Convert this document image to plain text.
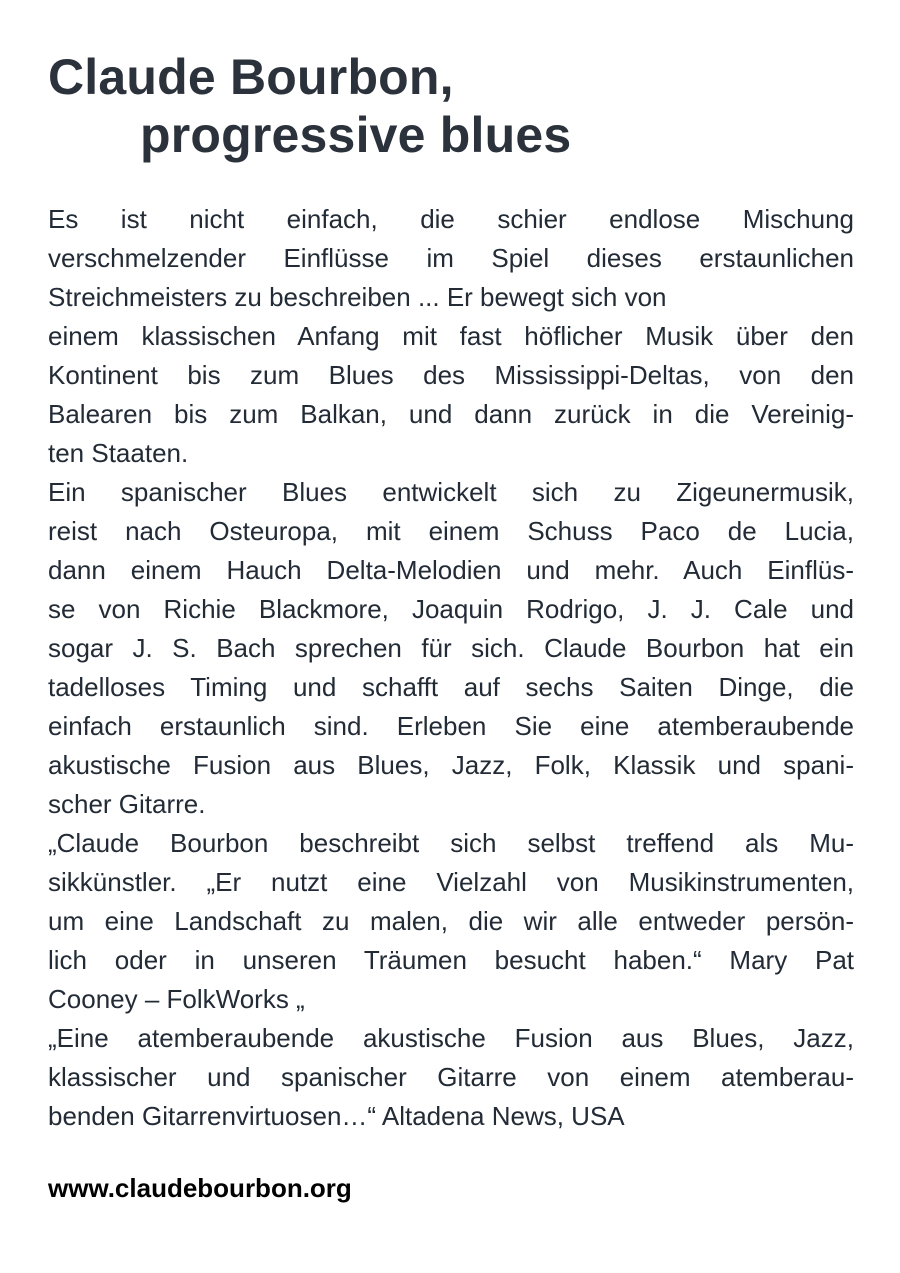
Claude Bourbon,
progressive blues

Es ist nicht einfach, die schier endlose Mischung
verschmelzender Einflüsse im Spiel dieses erstaunlichen
Streichmeisters zu beschreiben ... Er bewegt sich von
einem klassischen Anfang mit fast höflicher Musik über den
Kontinent bis zum Blues des Mississippi-Deltas, von den
Balearen bis zum Balkan, und dann zurück in die Vereinig-
ten Staaten.

Ein spanischer Blues entwickelt sich zu Zigeunermusik,
reist nach Osteuropa, mit einem Schuss Paco de Lucia,
dann einem Hauch Delta-Melodien und mehr. Auch Einflüs-
se von Richie Blackmore, Joaquin Rodrigo, J. J. Cale und
sogar J. S. Bach sprechen für sich. Claude Bourbon hat ein
tadelloses Timing und schafft auf sechs Saiten Dinge, die
einfach erstaunlich sind. Erleben Sie eine atemberaubende
akustische Fusion aus Blues, Jazz, Folk, Klassik und spani-
scher Gitarre.

„Claude Bourbon beschreibt sich selbst treffend als Mu-
sikkünstler. „Er nutzt eine Vielzahl von Musikinstrumenten,
um eine Landschaft zu malen, die wir alle entweder persön-
lich oder in unseren Träumen besucht haben.“ Mary Pat
Cooney – FolkWorks „

„Eine atemberaubende akustische Fusion aus Blues, Jazz,
klassischer und spanischer Gitarre von einem atemberau-
benden Gitarrenvirtuosen…“ Altadena News, USA

www.claudebourbon.org
